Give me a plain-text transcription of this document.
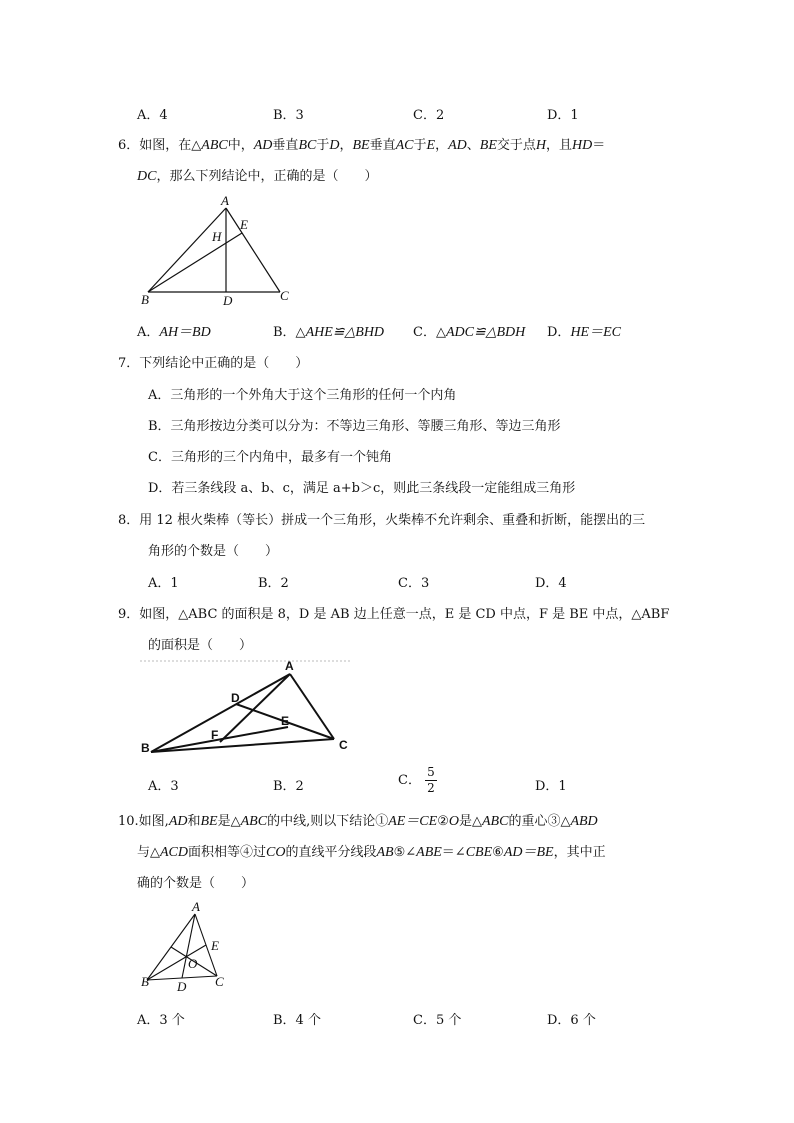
A．4	B．3	C．2	D．1
6．如图，在△ABC中，AD垂直BC于D，BE垂直AC于E，AD、BE交于点H，且HD＝
DC，那么下列结论中，正确的是（　　）
A
E
H
B	D	C
A．AH＝BD	B．△AHE≌△BHD C．△ADC≌△BDH D．HE＝EC
7．下列结论中正确的是（　　）
A．三角形的一个外角大于这个三角形的任何一个内角
B．三角形按边分类可以分为：不等边三角形、等腰三角形、等边三角形
C．三角形的三个内角中，最多有一个钝角
D．若三条线段 a、b、c，满足 a+b＞c，则此三条线段一定能组成三角形
8．用 12 根火柴棒（等长）拼成一个三角形，火柴棒不允许剩余、重叠和折断，能摆出的三
角形的个数是（　　）
A．1	B．2	C．3	D．4
9．如图，△ABC 的面积是 8，D 是 AB 边上任意一点，E 是 CD 中点，F 是 BE 中点，△ABF
的面积是（　　）
A
D
E
F
B	C
A．3	B．2	C． $\frac{5}{2}$	D．1
10.如图,AD和BE是△ABC的中线,则以下结论①AE＝CE②O是△ABC的重心③△ABD
与△ACD面积相等④过CO的直线平分线段AB⑤∠ABE＝∠CBE⑥AD＝BE，其中正
确的个数是（　　）
A
E
O
B D C
A．3 个	B．4 个	C．5 个	D．6 个
